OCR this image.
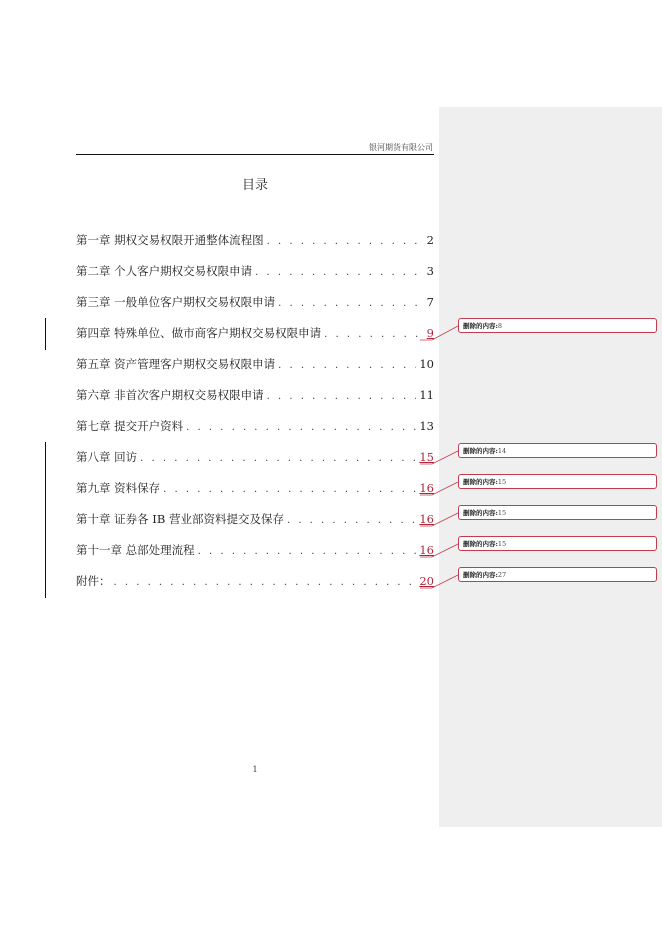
银河期货有限公司
目录
第一章 期权交易权限开通整体流程图 . . .	2
第二章 个人客户期权交易权限申请 . . .	3
第三章 一般单位客户期权交易权限申请 . . .	7
第四章 特殊单位、做市商客户期权交易权限申请 . . .	9
第五章 资产管理客户期权交易权限申请 . . .	10
第六章 非首次客户期权交易权限申请 . . .	11
第七章 提交开户资料 . . .	13
第八章 回访 . . .	15
第九章 资料保存 . . .	16
第十章 证券各 IB 营业部资料提交及保存 . . .	16
第十一章 总部处理流程 . . .	16
附件： . . .	20
删除的内容:8
删除的内容:14
删除的内容:15
删除的内容:15
删除的内容:15
删除的内容:27
1
